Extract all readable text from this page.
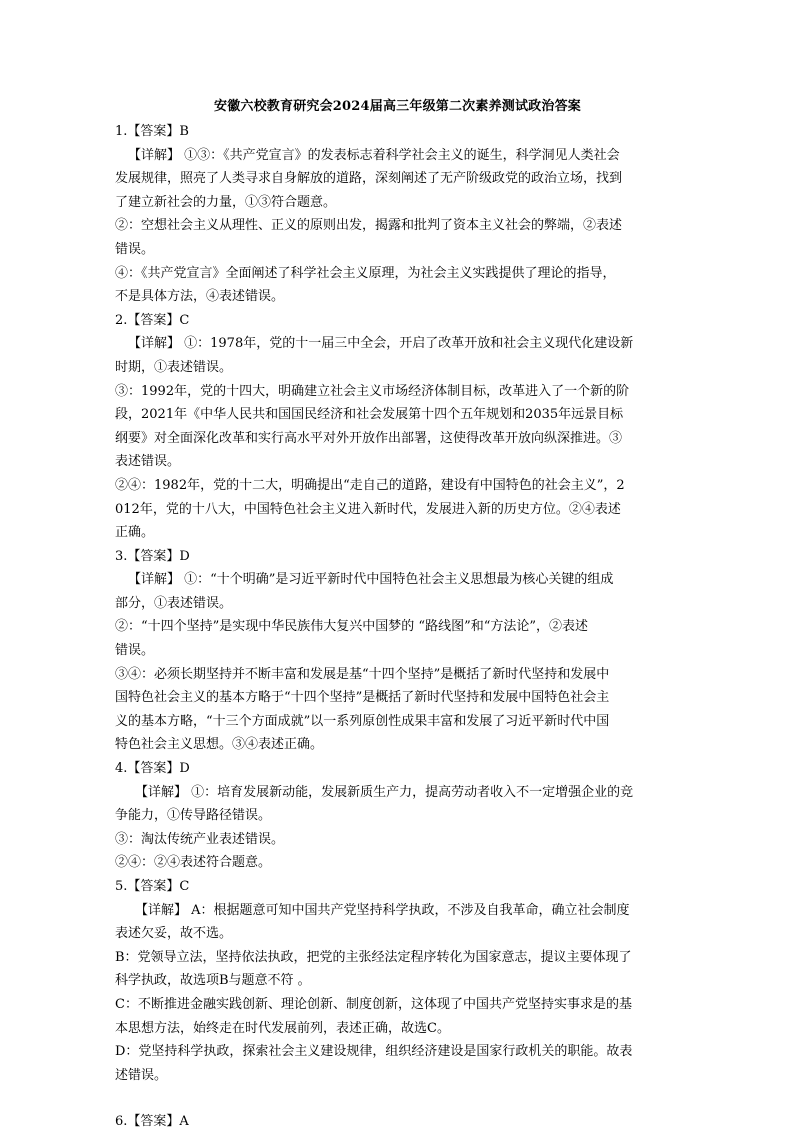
安徽六校教育研究会2024届高三年级第二次素养测试政治答案
1.【答案】B
【详解】 ①③：《共产党宣言》的发表标志着科学社会主义的诞生，科学洞见人类社会
发展规律，照亮了人类寻求自身解放的道路，深刻阐述了无产阶级政党的政治立场，找到
了建立新社会的力量，①③符合题意。
②：空想社会主义从理性、正义的原则出发，揭露和批判了资本主义社会的弊端，②表述
错误。
④：《共产党宣言》全面阐述了科学社会主义原理，为社会主义实践提供了理论的指导，
不是具体方法，④表述错误。
2.【答案】C
【详解】 ①：1978年，党的十一届三中全会，开启了改革开放和社会主义现代化建设新
时期，①表述错误。
③：1992年，党的十四大，明确建立社会主义市场经济体制目标，改革进入了一个新的阶
段，2021年《中华人民共和国国民经济和社会发展第十四个五年规划和2035年远景目标
纲要》对全面深化改革和实行高水平对外开放作出部署，这使得改革开放向纵深推进。③
表述错误。
②④：1982年，党的十二大，明确提出“走自己的道路，建设有中国特色的社会主义”，2
012年，党的十八大，中国特色社会主义进入新时代，发展进入新的历史方位。②④表述
正确。
3.【答案】D
【详解】 ①：“十个明确”是习近平新时代中国特色社会主义思想最为核心关键的组成
部分，①表述错误。
②：“十四个坚持”是实现中华民族伟大复兴中国梦的 “路线图”和“方法论”，②表述
错误。
③④：必须长期坚持并不断丰富和发展是基“十四个坚持”是概括了新时代坚持和发展中
国特色社会主义的基本方略于“十四个坚持”是概括了新时代坚持和发展中国特色社会主
义的基本方略，“十三个方面成就”以一系列原创性成果丰富和发展了习近平新时代中国
特色社会主义思想。③④表述正确。
4.【答案】D
【详解】 ①：培育发展新动能，发展新质生产力，提高劳动者收入不一定增强企业的竞
争能力，①传导路径错误。
③：淘汰传统产业表述错误。
②④：②④表述符合题意。
5.【答案】C
【详解】 A：根据题意可知中国共产党坚持科学执政，不涉及自我革命，确立社会制度
表述欠妥，故不选。
B：党领导立法，坚持依法执政，把党的主张经法定程序转化为国家意志，提议主要体现了
科学执政，故选项B与题意不符 。
C：不断推进金融实践创新、理论创新、制度创新，这体现了中国共产党坚持实事求是的基
本思想方法，始终走在时代发展前列，表述正确，故选C。
D：党坚持科学执政，探索社会主义建设规律，组织经济建设是国家行政机关的职能。故表
述错误。
6.【答案】A
